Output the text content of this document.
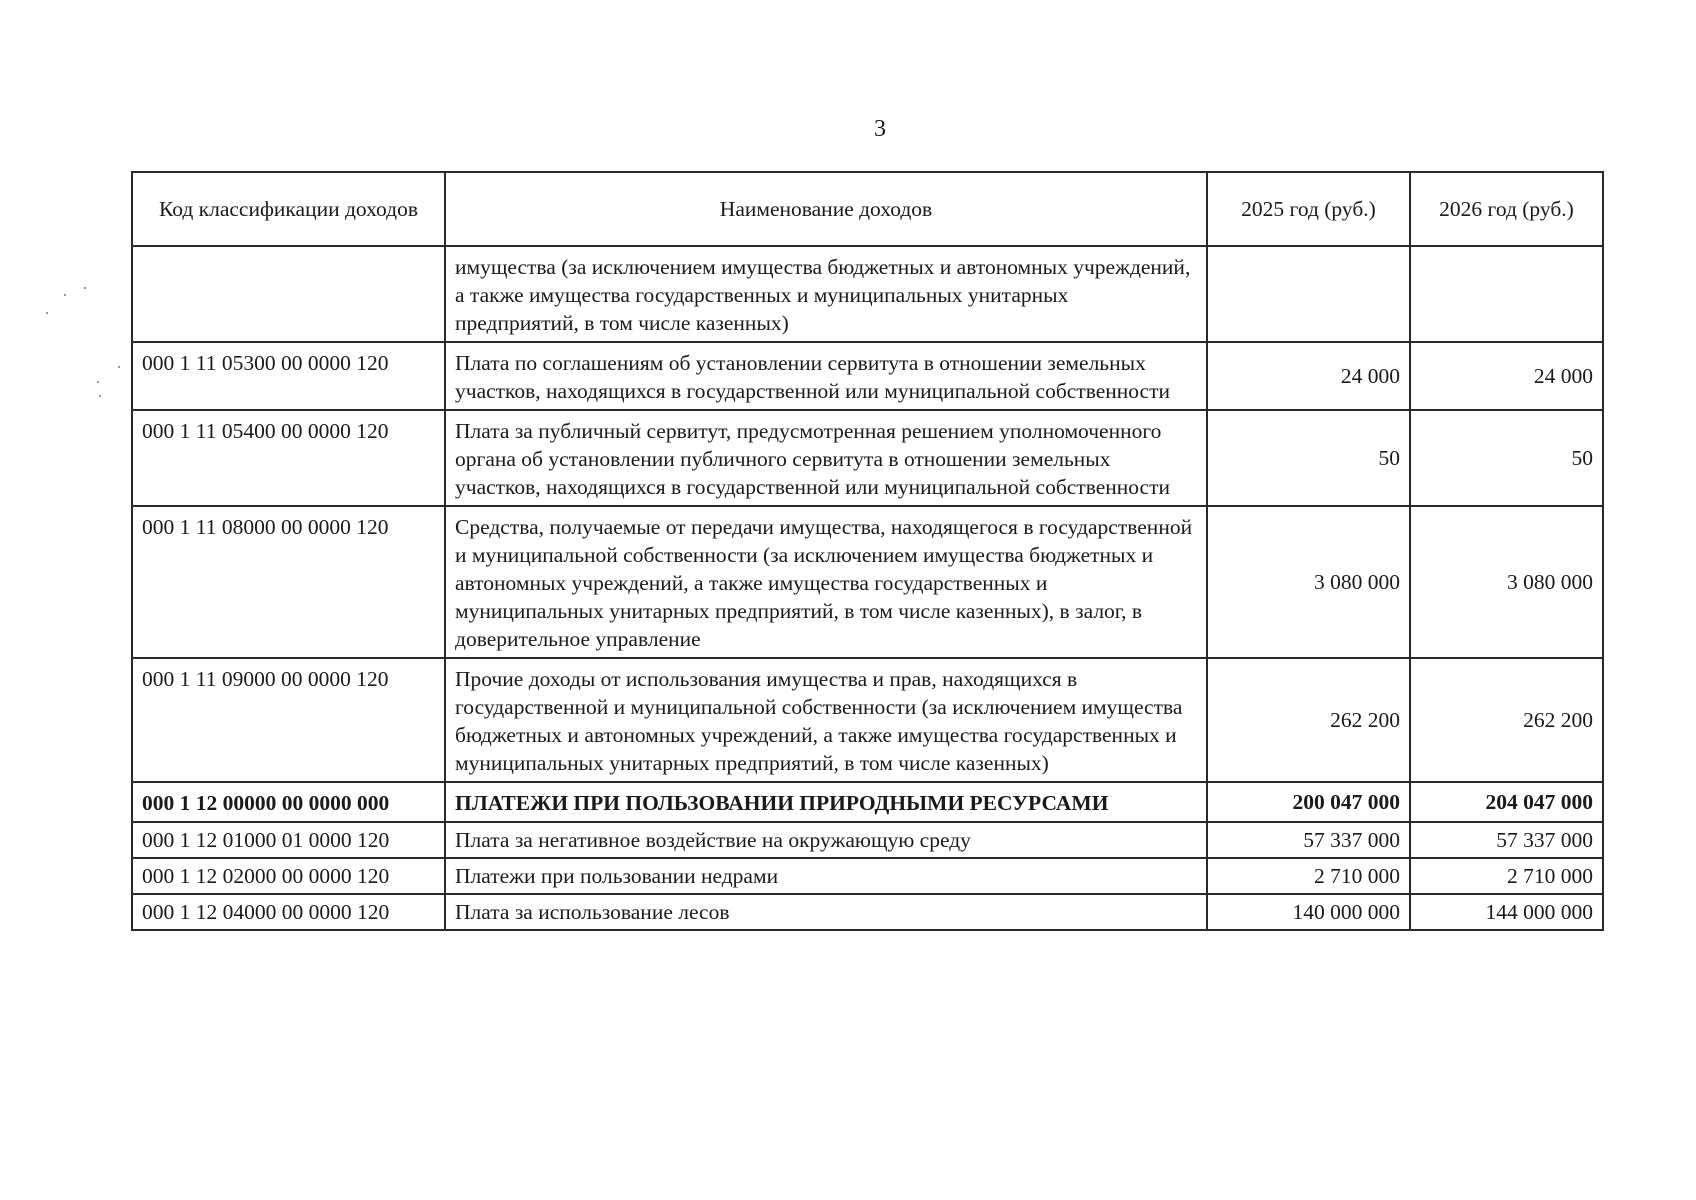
3
Код классификации доходов	Наименование доходов	2025 год (руб.)	2026 год (руб.)
	имущества (за исключением имущества бюджетных и автономных учреждений, а также имущества государственных и муниципальных унитарных предприятий, в том числе казенных)		
000 1 11 05300 00 0000 120	Плата по соглашениям об установлении сервитута в отношении земельных участков, находящихся в государственной или муниципальной собственности	24 000	24 000
000 1 11 05400 00 0000 120	Плата за публичный сервитут, предусмотренная решением уполномоченного органа об установлении публичного сервитута в отношении земельных участков, находящихся в государственной или муниципальной собственности	50	50
000 1 11 08000 00 0000 120	Средства, получаемые от передачи имущества, находящегося в государственной и муниципальной собственности (за исключением имущества бюджетных и автономных учреждений, а также имущества государственных и муниципальных унитарных предприятий, в том числе казенных), в залог, в доверительное управление	3 080 000	3 080 000
000 1 11 09000 00 0000 120	Прочие доходы от использования имущества и прав, находящихся в государственной и муниципальной собственности (за исключением имущества бюджетных и автономных учреждений, а также имущества государственных и муниципальных унитарных предприятий, в том числе казенных)	262 200	262 200
000 1 12 00000 00 0000 000	ПЛАТЕЖИ ПРИ ПОЛЬЗОВАНИИ ПРИРОДНЫМИ РЕСУРСАМИ	200 047 000	204 047 000
000 1 12 01000 01 0000 120	Плата за негативное воздействие на окружающую среду	57 337 000	57 337 000
000 1 12 02000 00 0000 120	Платежи при пользовании недрами	2 710 000	2 710 000
000 1 12 04000 00 0000 120	Плата за использование лесов	140 000 000	144 000 000
